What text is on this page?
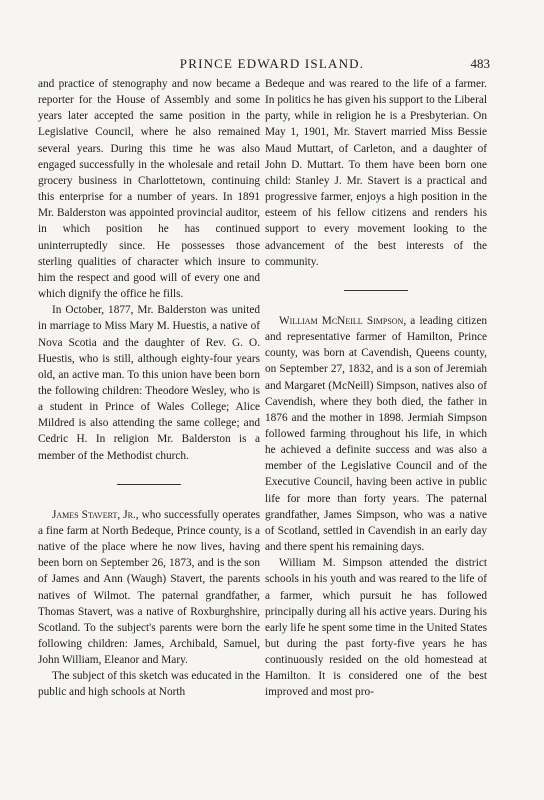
PRINCE EDWARD ISLAND.	483

and practice of stenography and now became a reporter for the House of Assembly and some years later accepted the same position in the Legislative Council, where he also remained several years. During this time he was also engaged successfully in the wholesale and retail grocery business in Charlottetown, continuing this enterprise for a number of years. In 1891 Mr. Balderston was appointed provincial auditor, in which position he has continued uninterruptedly since. He possesses those sterling qualities of character which insure to him the respect and good will of every one and which dignify the office he fills.

In October, 1877, Mr. Balderston was united in marriage to Miss Mary M. Huestis, a native of Nova Scotia and the daughter of Rev. G. O. Huestis, who is still, although eighty-four years old, an active man. To this union have been born the following children: Theodore Wesley, who is a student in Prince of Wales College; Alice Mildred is also attending the same college; and Cedric H. In religion Mr. Balderston is a member of the Methodist church.

James Stavert, Jr., who successfully operates a fine farm at North Bedeque, Prince county, is a native of the place where he now lives, having been born on September 26, 1873, and is the son of James and Ann (Waugh) Stavert, the parents natives of Wilmot. The paternal grandfather, Thomas Stavert, was a native of Roxburghshire, Scotland. To the subject's parents were born the following children: James, Archibald, Samuel, John William, Eleanor and Mary.

The subject of this sketch was educated in the public and high schools at North

Bedeque and was reared to the life of a farmer. In politics he has given his support to the Liberal party, while in religion he is a Presbyterian. On May 1, 1901, Mr. Stavert married Miss Bessie Maud Muttart, of Carleton, and a daughter of John D. Muttart. To them have been born one child: Stanley J. Mr. Stavert is a practical and progressive farmer, enjoys a high position in the esteem of his fellow citizens and renders his support to every movement looking to the advancement of the best interests of the community.

William McNeill Simpson, a leading citizen and representative farmer of Hamilton, Prince county, was born at Cavendish, Queens county, on September 27, 1832, and is a son of Jeremiah and Margaret (McNeill) Simpson, natives also of Cavendish, where they both died, the father in 1876 and the mother in 1898. Jermiah Simpson followed farming throughout his life, in which he achieved a definite success and was also a member of the Legislative Council and of the Executive Council, having been active in public life for more than forty years. The paternal grandfather, James Simpson, who was a native of Scotland, settled in Cavendish in an early day and there spent his remaining days.

William M. Simpson attended the district schools in his youth and was reared to the life of a farmer, which pursuit he has followed principally during all his active years. During his early life he spent some time in the United States but during the past forty-five years he has continuously resided on the old homestead at Hamilton. It is considered one of the best improved and most pro-
